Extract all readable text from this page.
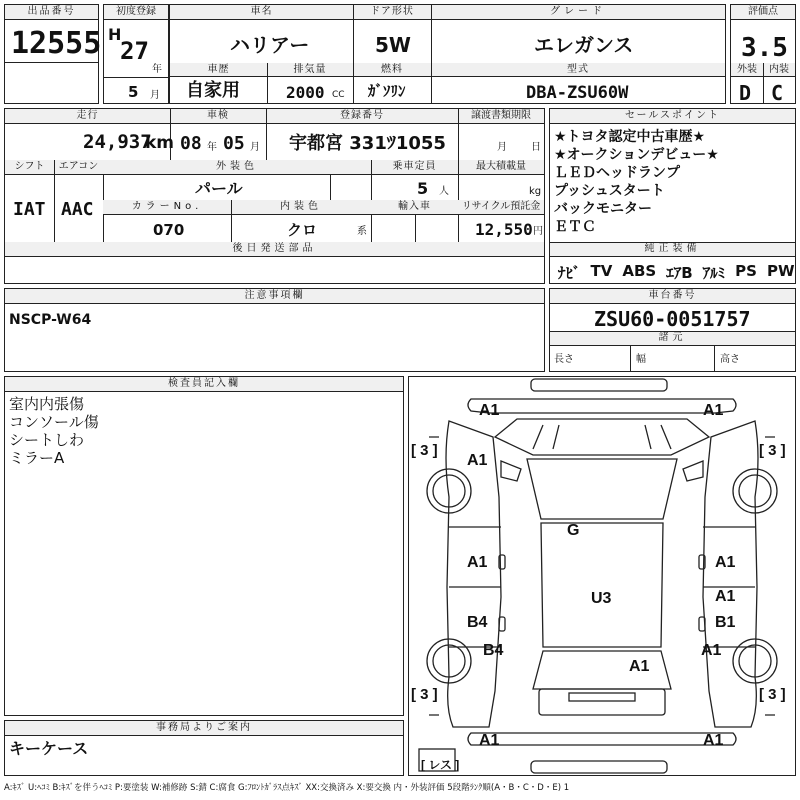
出品番号
12555
初度登録
H
27
年
5 月
車名	ドア形状	グレード
ハリアー	5W	エレガンス
車歴	排気量	燃料	型式
自家用	2000 CC ｶﾞｿﾘﾝ	DBA-ZSU60W
評価点
3.5
外装	内装
D C
走行	車検	登録番号	譲渡書類期限
24,937
km 08 年 05 月 宇都宮 331ﾂ1055	月 日
シフト	エアコン
IAT AAC
外装色	乗車定員	最大積載量
パール	5 人	kg
カラーNo.	内装色	輸入車	リサイクル預託金
070	クロ	系	12,550 円
後日発送部品
セールスポイント
★トヨタ認定中古車歴★
★オークションデビュー★
ＬＥＤヘッドランプ
プッシュスタート
バックモニター
ＥＴＣ
純正装備
ﾅﾋﾞ TV ABS ｴｱB ｱﾙﾐ PS PW
注意事項欄
NSCP-W64
車台番号
ZSU60-0051757
諸元
長さ	幅	高さ
検査員記入欄
室内内張傷
コンソール傷
シートしわ
ミラーA
事務局よりご案内
キーケース
A1	A1
A1
A1	A1
G
U3	A1
B4	B1
B4	A1
A1
A1	A1
[ 3 ]	[ 3 ]
[ 3 ]	[ 3 ]
[ レス ]
A:ｷｽﾞ U:ﾍｺﾐ B:ｷｽﾞを伴うﾍｺﾐ P:要塗装 W:補修跡 S:錆 C:腐食 G:ﾌﾛﾝﾄｶﾞﾗｽ点ｷｽﾞ XX:交換済み X:要交換 内・外装評価 5段階ﾗﾝｸ順(A・B・C・D・E) 1
